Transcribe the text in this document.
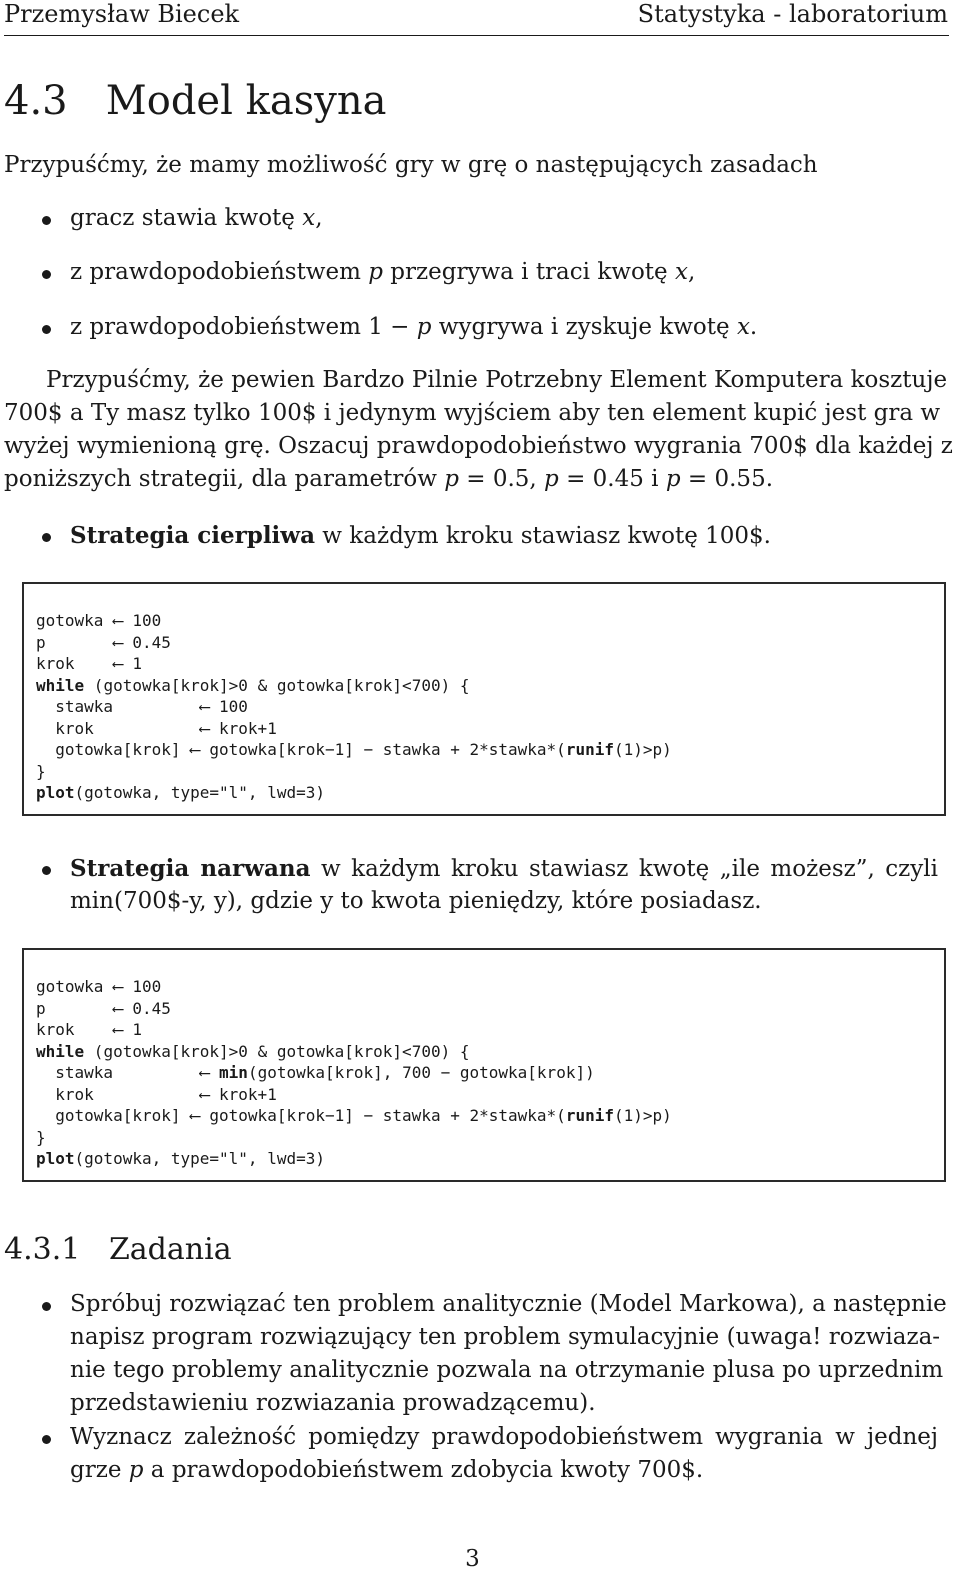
Przemysław Biecek	Statystyka - laboratorium
4.3 Model kasyna
Przypuśćmy, że mamy możliwość gry w grę o następujących zasadach
gracz stawia kwotę x,
z prawdopodobieństwem p przegrywa i traci kwotę x,
z prawdopodobieństwem 1 − p wygrywa i zyskuje kwotę x.
Przypuśćmy, że pewien Bardzo Pilnie Potrzebny Element Komputera kosztuje
700$ a Ty masz tylko 100$ i jedynym wyjściem aby ten element kupić jest gra w
wyżej wymienioną grę. Oszacuj prawdopodobieństwo wygrania 700$ dla każdej z
poniższych strategii, dla parametrów p = 0.5, p = 0.45 i p = 0.55.
Strategia cierpliwa w każdym kroku stawiasz kwotę 100$.
gotowka ⟵ 100
p       ⟵ 0.45
krok    ⟵ 1
while (gotowka[krok]>0 & gotowka[krok]<700) {
stawka         ⟵ 100
krok           ⟵ krok+1
gotowka[krok] ⟵ gotowka[krok−1] − stawka + 2*stawka*(runif(1)>p)
}
plot(gotowka, type="l", lwd=3)
Strategia narwana w każdym kroku stawiasz kwotę „ile możesz”, czyli
min(700$-y, y), gdzie y to kwota pieniędzy, które posiadasz.
gotowka ⟵ 100
p       ⟵ 0.45
krok    ⟵ 1
while (gotowka[krok]>0 & gotowka[krok]<700) {
stawka         ⟵ min(gotowka[krok], 700 − gotowka[krok])
krok           ⟵ krok+1
gotowka[krok] ⟵ gotowka[krok−1] − stawka + 2*stawka*(runif(1)>p)
}
plot(gotowka, type="l", lwd=3)
4.3.1 Zadania
Spróbuj rozwiązać ten problem analitycznie (Model Markowa), a następnie
napisz program rozwiązujący ten problem symulacyjnie (uwaga! rozwiaza-
nie tego problemy analitycznie pozwala na otrzymanie plusa po uprzednim
przedstawieniu rozwiazania prowadzącemu).
Wyznacz zależność pomiędzy prawdopodobieństwem wygrania w jednej
grze p a prawdopodobieństwem zdobycia kwoty 700$.
3
